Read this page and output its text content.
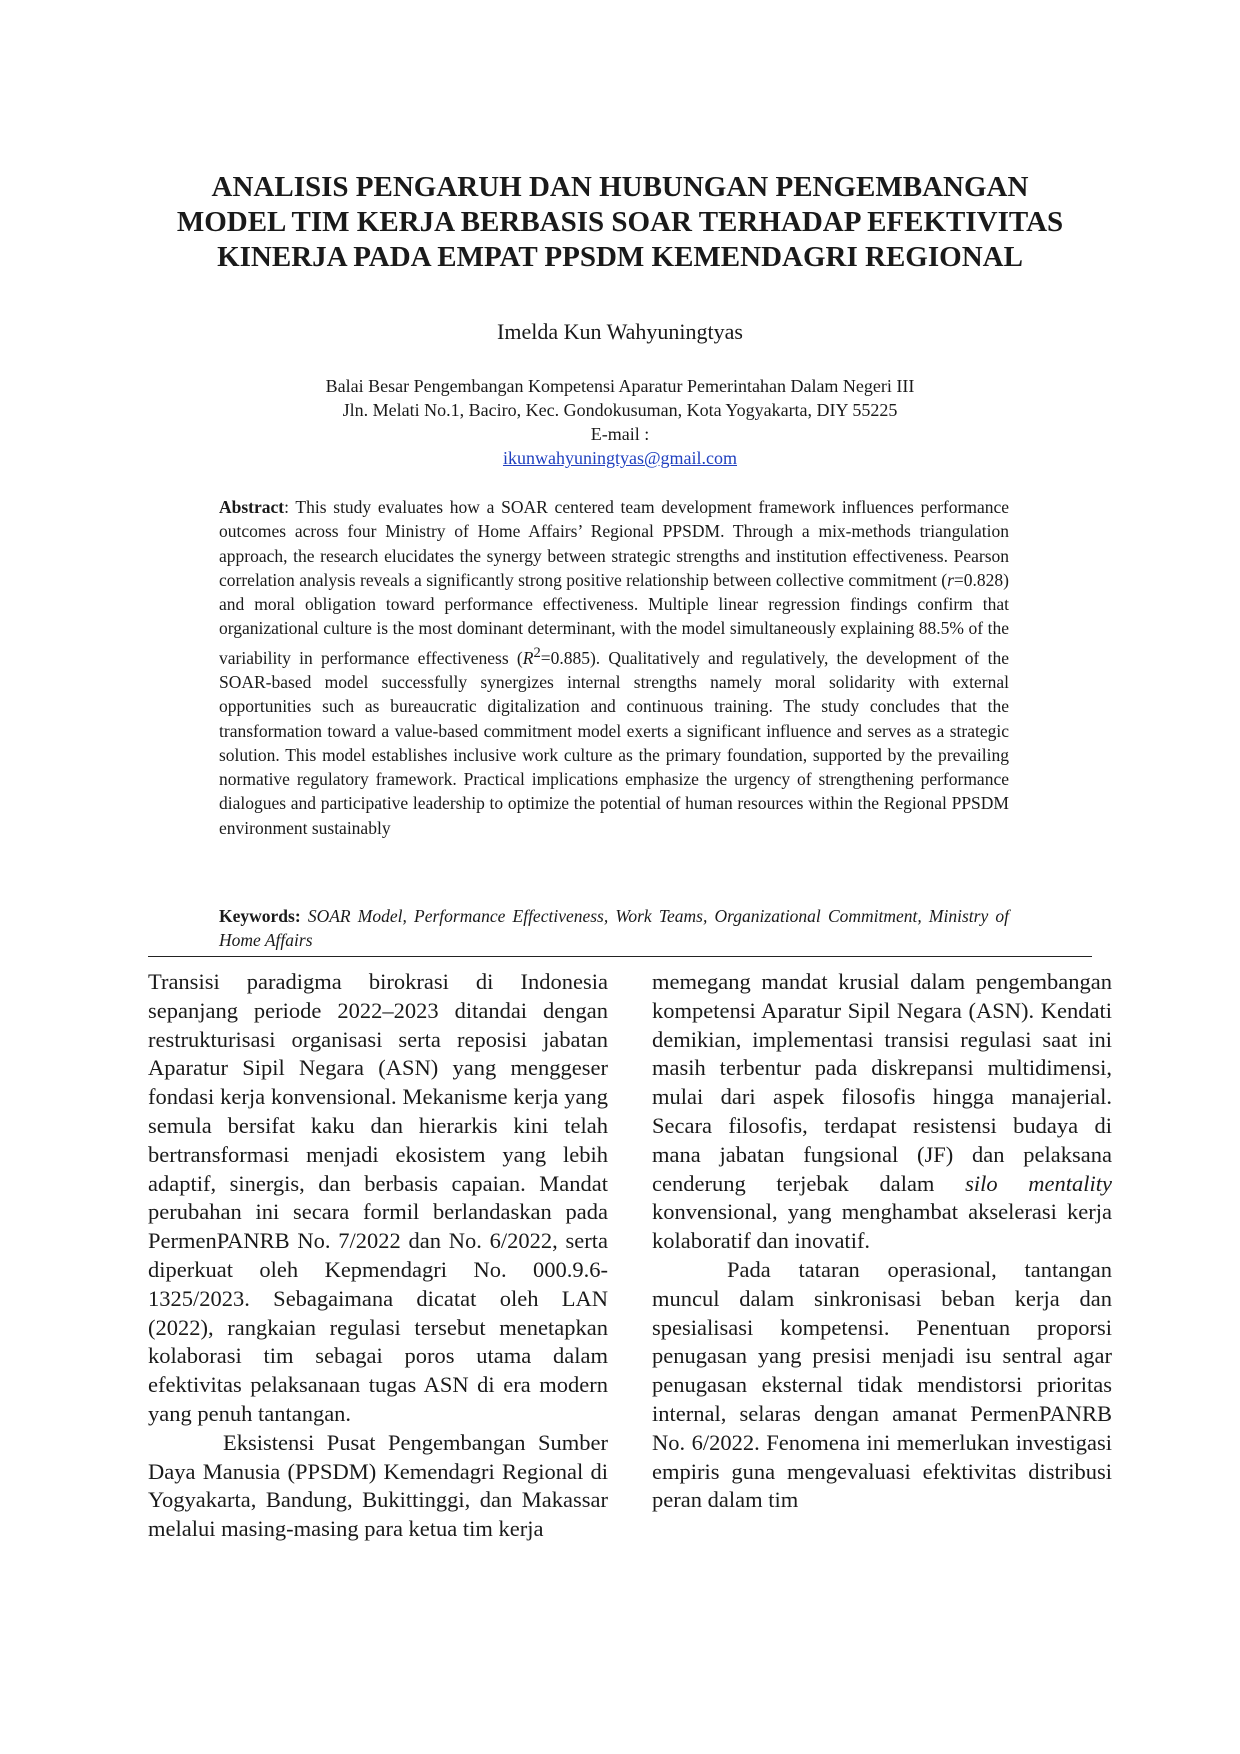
ANALISIS PENGARUH DAN HUBUNGAN PENGEMBANGAN
MODEL TIM KERJA BERBASIS SOAR TERHADAP EFEKTIVITAS
KINERJA PADA EMPAT PPSDM KEMENDAGRI REGIONAL

Imelda Kun Wahyuningtyas

Balai Besar Pengembangan Kompetensi Aparatur Pemerintahan Dalam Negeri III
Jln. Melati No.1, Baciro, Kec. Gondokusuman, Kota Yogyakarta, DIY 55225
E-mail :
ikunwahyuningtyas@gmail.com

Abstract: This study evaluates how a SOAR centered team development framework influences performance outcomes across four Ministry of Home Affairs’ Regional PPSDM. Through a mix-methods triangulation approach, the research elucidates the synergy between strategic strengths and institution effectiveness. Pearson correlation analysis reveals a significantly strong positive relationship between collective commitment (r=0.828) and moral obligation toward performance effectiveness. Multiple linear regression findings confirm that organizational culture is the most dominant determinant, with the model simultaneously explaining 88.5% of the variability in performance effectiveness $(R^2=0.885)$. Qualitatively and regulatively, the development of the SOAR-based model successfully synergizes internal strengths namely moral solidarity with external opportunities such as bureaucratic digitalization and continuous training. The study concludes that the transformation toward a value-based commitment model exerts a significant influence and serves as a strategic solution. This model establishes inclusive work culture as the primary foundation, supported by the prevailing normative regulatory framework. Practical implications emphasize the urgency of strengthening performance dialogues and participative leadership to optimize the potential of human resources within the Regional PPSDM environment sustainably

Keywords: SOAR Model, Performance Effectiveness, Work Teams, Organizational Commitment, Ministry of Home Affairs

Transisi paradigma birokrasi di Indonesia sepanjang periode 2022–2023 ditandai dengan restrukturisasi organisasi serta reposisi jabatan Aparatur Sipil Negara (ASN) yang menggeser fondasi kerja konvensional. Mekanisme kerja yang semula bersifat kaku dan hierarkis kini telah bertransformasi menjadi ekosistem yang lebih adaptif, sinergis, dan berbasis capaian. Mandat perubahan ini secara formil berlandaskan pada PermenPANRB No. 7/2022 dan No. 6/2022, serta diperkuat oleh Kepmendagri No. 000.9.6-1325/2023. Sebagaimana dicatat oleh LAN (2022), rangkaian regulasi tersebut menetapkan kolaborasi tim sebagai poros utama dalam efektivitas pelaksanaan tugas ASN di era modern yang penuh tantangan.

Eksistensi Pusat Pengembangan Sumber Daya Manusia (PPSDM) Kemendagri Regional di Yogyakarta, Bandung, Bukittinggi, dan Makassar melalui masing-masing para ketua tim kerja

memegang mandat krusial dalam pengembangan kompetensi Aparatur Sipil Negara (ASN). Kendati demikian, implementasi transisi regulasi saat ini masih terbentur pada diskrepansi multidimensi, mulai dari aspek filosofis hingga manajerial. Secara filosofis, terdapat resistensi budaya di mana jabatan fungsional (JF) dan pelaksana cenderung terjebak dalam silo mentality konvensional, yang menghambat akselerasi kerja kolaboratif dan inovatif.

Pada tataran operasional, tantangan muncul dalam sinkronisasi beban kerja dan spesialisasi kompetensi. Penentuan proporsi penugasan yang presisi menjadi isu sentral agar penugasan eksternal tidak mendistorsi prioritas internal, selaras dengan amanat PermenPANRB No. 6/2022. Fenomena ini memerlukan investigasi empiris guna mengevaluasi efektivitas distribusi peran dalam tim
